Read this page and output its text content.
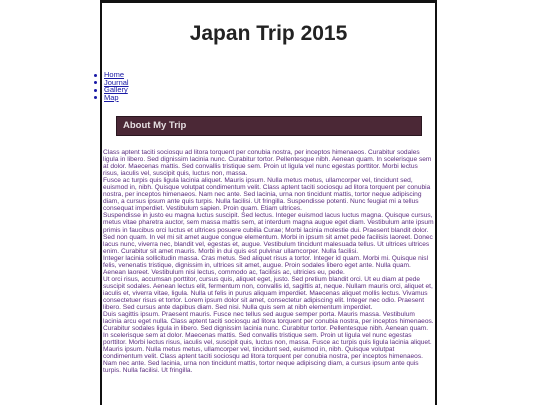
Japan Trip 2015
Home
Journal
Gallery
Map
About My Trip

Class aptent taciti sociosqu ad litora torquent per conubia nostra, per inceptos himenaeos. Curabitur sodales ligula in libero. Sed dignissim lacinia nunc. Curabitur tortor. Pellentesque nibh. Aenean quam. In scelerisque sem at dolor. Maecenas mattis. Sed convallis tristique sem. Proin ut ligula vel nunc egestas porttitor. Morbi lectus risus, iaculis vel, suscipit quis, luctus non, massa.

Fusce ac turpis quis ligula lacinia aliquet. Mauris ipsum. Nulla metus metus, ullamcorper vel, tincidunt sed, euismod in, nibh. Quisque volutpat condimentum velit. Class aptent taciti sociosqu ad litora torquent per conubia nostra, per inceptos himenaeos. Nam nec ante. Sed lacinia, urna non tincidunt mattis, tortor neque adipiscing diam, a cursus ipsum ante quis turpis. Nulla facilisi. Ut fringilla. Suspendisse potenti. Nunc feugiat mi a tellus consequat imperdiet. Vestibulum sapien. Proin quam. Etiam ultrices.

Suspendisse in justo eu magna luctus suscipit. Sed lectus. Integer euismod lacus luctus magna. Quisque cursus, metus vitae pharetra auctor, sem massa mattis sem, at interdum magna augue eget diam. Vestibulum ante ipsum primis in faucibus orci luctus et ultrices posuere cubilia Curae; Morbi lacinia molestie dui. Praesent blandit dolor. Sed non quam. In vel mi sit amet augue congue elementum. Morbi in ipsum sit amet pede facilisis laoreet. Donec lacus nunc, viverra nec, blandit vel, egestas et, augue. Vestibulum tincidunt malesuada tellus. Ut ultrices ultrices enim. Curabitur sit amet mauris. Morbi in dui quis est pulvinar ullamcorper. Nulla facilisi.

Integer lacinia sollicitudin massa. Cras metus. Sed aliquet risus a tortor. Integer id quam. Morbi mi. Quisque nisl felis, venenatis tristique, dignissim in, ultrices sit amet, augue. Proin sodales libero eget ante. Nulla quam. Aenean laoreet. Vestibulum nisi lectus, commodo ac, facilisis ac, ultricies eu, pede.

Ut orci risus, accumsan porttitor, cursus quis, aliquet eget, justo. Sed pretium blandit orci. Ut eu diam at pede suscipit sodales. Aenean lectus elit, fermentum non, convallis id, sagittis at, neque. Nullam mauris orci, aliquet et, iaculis et, viverra vitae, ligula. Nulla ut felis in purus aliquam imperdiet. Maecenas aliquet mollis lectus. Vivamus consectetuer risus et tortor. Lorem ipsum dolor sit amet, consectetur adipiscing elit. Integer nec odio. Praesent libero. Sed cursus ante dapibus diam. Sed nisi. Nulla quis sem at nibh elementum imperdiet.

Duis sagittis ipsum. Praesent mauris. Fusce nec tellus sed augue semper porta. Mauris massa. Vestibulum lacinia arcu eget nulla. Class aptent taciti sociosqu ad litora torquent per conubia nostra, per inceptos himenaeos. Curabitur sodales ligula in libero. Sed dignissim lacinia nunc. Curabitur tortor. Pellentesque nibh. Aenean quam.

In scelerisque sem at dolor. Maecenas mattis. Sed convallis tristique sem. Proin ut ligula vel nunc egestas porttitor. Morbi lectus risus, iaculis vel, suscipit quis, luctus non, massa. Fusce ac turpis quis ligula lacinia aliquet. Mauris ipsum. Nulla metus metus, ullamcorper vel, tincidunt sed, euismod in, nibh. Quisque volutpat condimentum velit. Class aptent taciti sociosqu ad litora torquent per conubia nostra, per inceptos himenaeos. Nam nec ante. Sed lacinia, urna non tincidunt mattis, tortor neque adipiscing diam, a cursus ipsum ante quis turpis. Nulla facilisi. Ut fringilla.
